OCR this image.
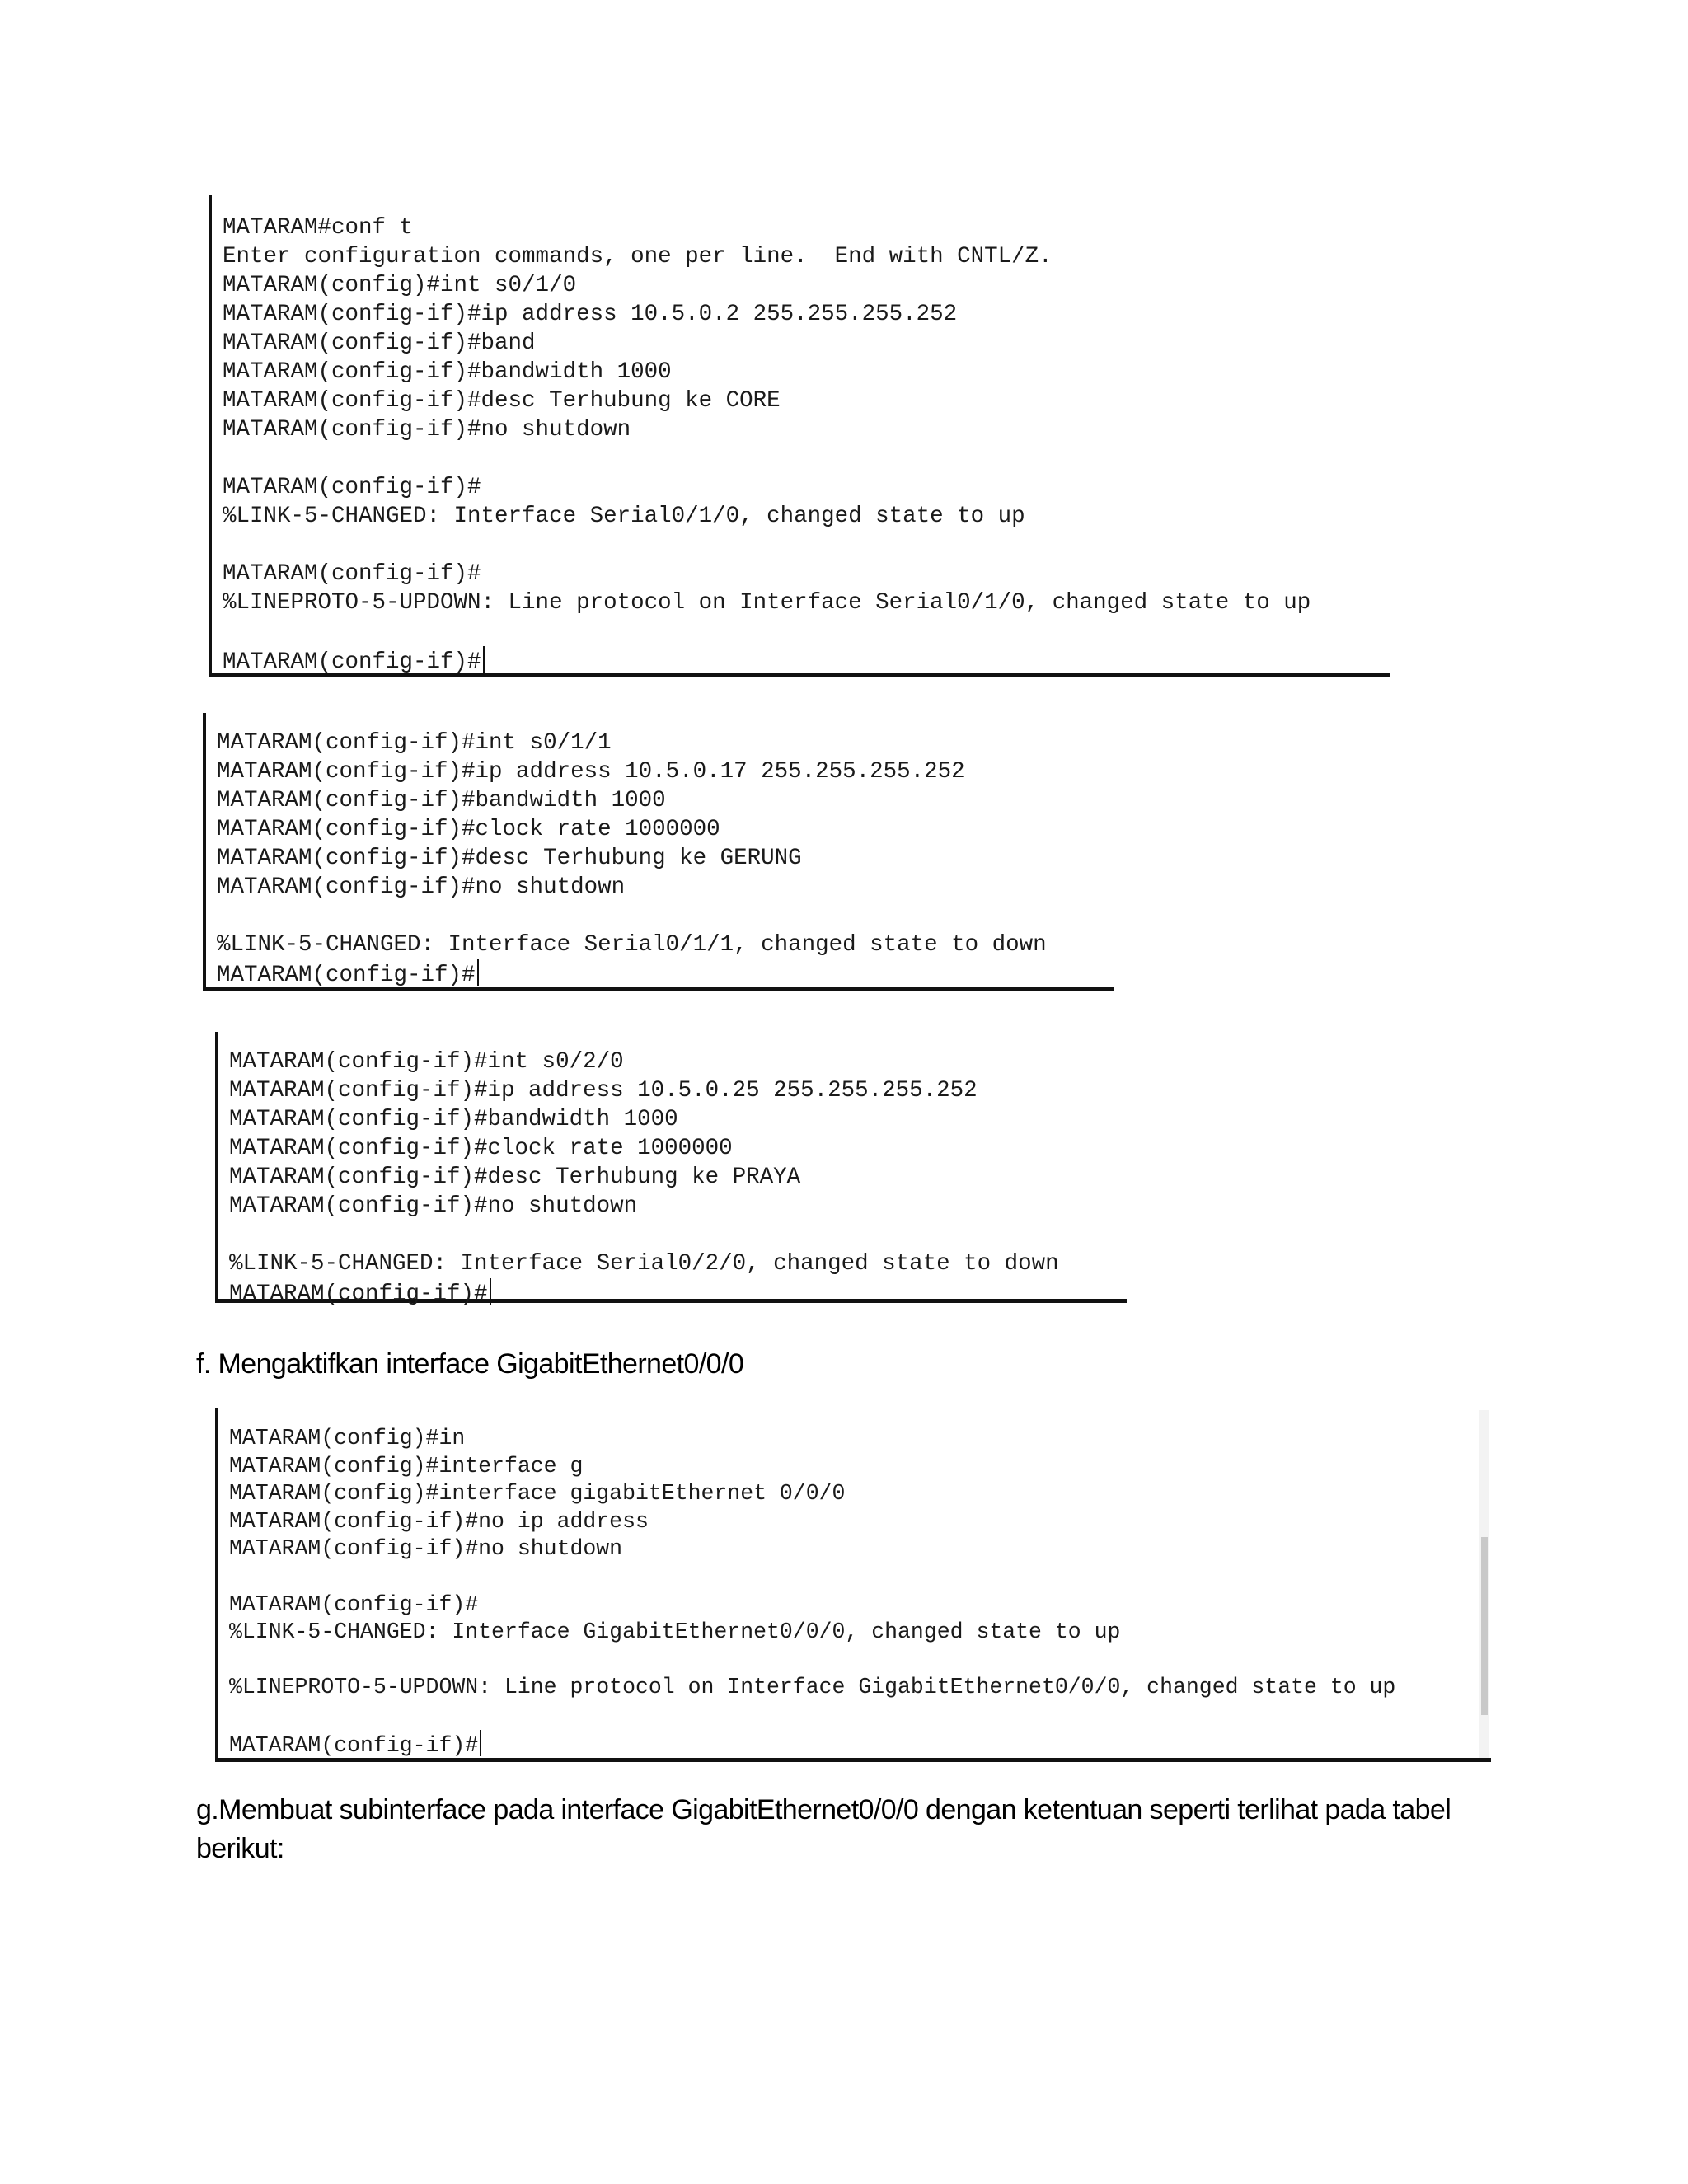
MATARAM#conf t
Enter configuration commands, one per line.  End with CNTL/Z.
MATARAM(config)#int s0/1/0
MATARAM(config-if)#ip address 10.5.0.2 255.255.255.252
MATARAM(config-if)#band
MATARAM(config-if)#bandwidth 1000
MATARAM(config-if)#desc Terhubung ke CORE
MATARAM(config-if)#no shutdown
MATARAM(config-if)#
%LINK-5-CHANGED: Interface Serial0/1/0, changed state to up
MATARAM(config-if)#
%LINEPROTO-5-UPDOWN: Line protocol on Interface Serial0/1/0, changed state to up
MATARAM(config-if)#
MATARAM(config-if)#int s0/1/1
MATARAM(config-if)#ip address 10.5.0.17 255.255.255.252
MATARAM(config-if)#bandwidth 1000
MATARAM(config-if)#clock rate 1000000
MATARAM(config-if)#desc Terhubung ke GERUNG
MATARAM(config-if)#no shutdown
%LINK-5-CHANGED: Interface Serial0/1/1, changed state to down
MATARAM(config-if)#
MATARAM(config-if)#int s0/2/0
MATARAM(config-if)#ip address 10.5.0.25 255.255.255.252
MATARAM(config-if)#bandwidth 1000
MATARAM(config-if)#clock rate 1000000
MATARAM(config-if)#desc Terhubung ke PRAYA
MATARAM(config-if)#no shutdown
%LINK-5-CHANGED: Interface Serial0/2/0, changed state to down
MATARAM(config-if)#
f. Mengaktifkan interface GigabitEthernet0/0/0
MATARAM(config)#in
MATARAM(config)#interface g
MATARAM(config)#interface gigabitEthernet 0/0/0
MATARAM(config-if)#no ip address
MATARAM(config-if)#no shutdown
MATARAM(config-if)#
%LINK-5-CHANGED: Interface GigabitEthernet0/0/0, changed state to up
%LINEPROTO-5-UPDOWN: Line protocol on Interface GigabitEthernet0/0/0, changed state to up
MATARAM(config-if)#
g.Membuat subinterface pada interface GigabitEthernet0/0/0 dengan ketentuan seperti terlihat pada tabel berikut:
